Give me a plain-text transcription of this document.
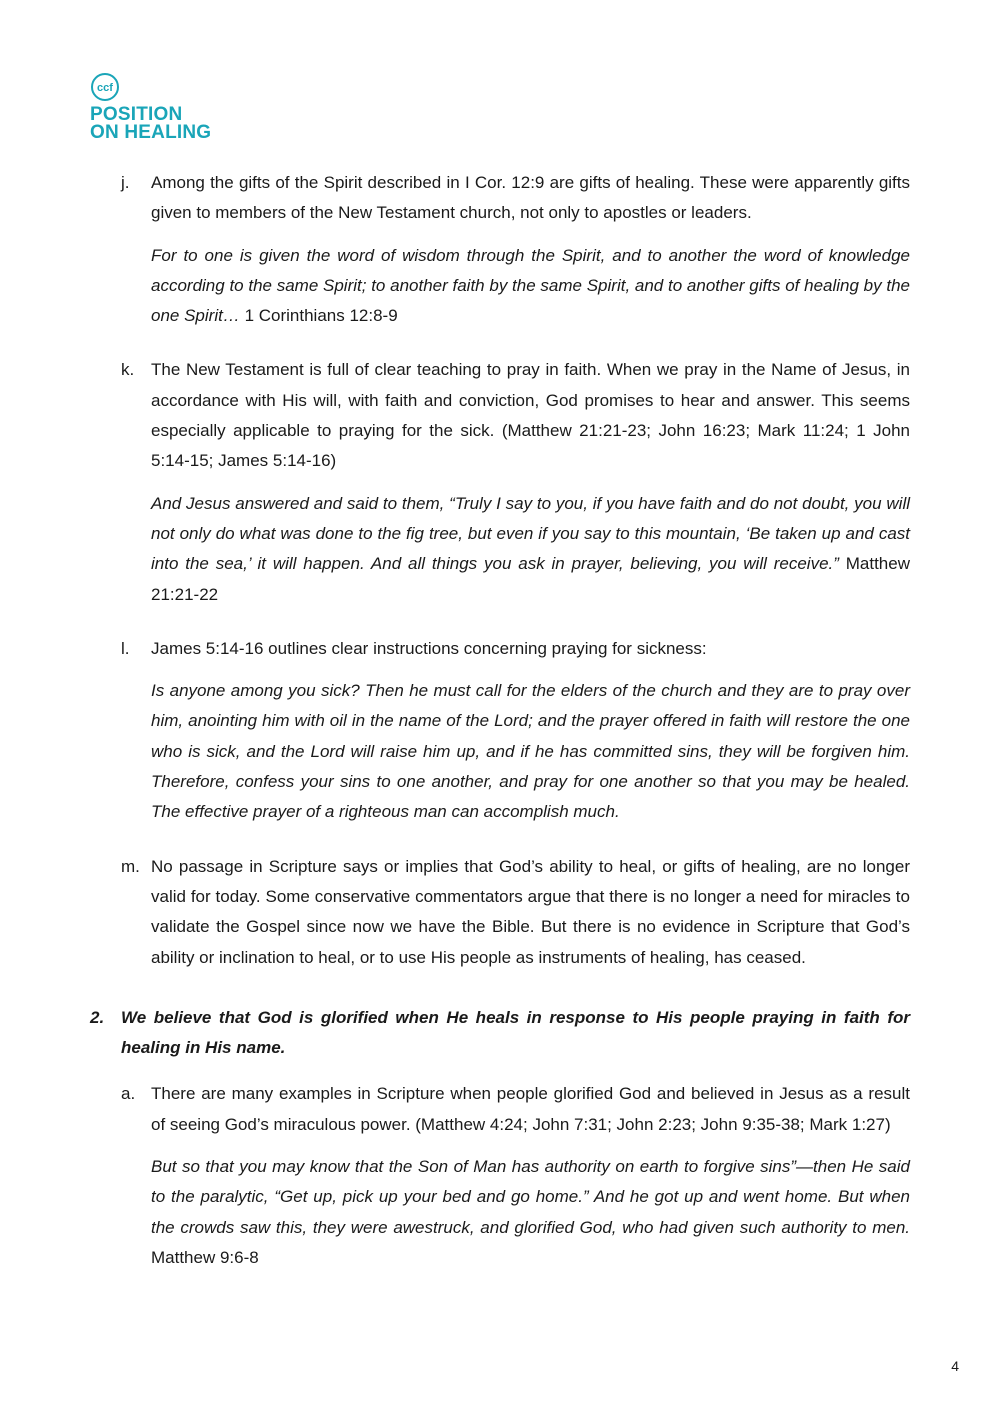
ccf
POSITION
ON HEALING
j. Among the gifts of the Spirit described in I Cor. 12:9 are gifts of healing. These were apparently gifts given to members of the New Testament church, not only to apostles or leaders.

For to one is given the word of wisdom through the Spirit, and to another the word of knowledge according to the same Spirit; to another faith by the same Spirit, and to another gifts of healing by the one Spirit… 1 Corinthians 12:8-9

k. The New Testament is full of clear teaching to pray in faith. When we pray in the Name of Jesus, in accordance with His will, with faith and conviction, God promises to hear and answer. This seems especially applicable to praying for the sick. (Matthew 21:21-23; John 16:23; Mark 11:24; 1 John 5:14-15; James 5:14-16)

And Jesus answered and said to them, “Truly I say to you, if you have faith and do not doubt, you will not only do what was done to the fig tree, but even if you say to this mountain, ‘Be taken up and cast into the sea,’ it will happen. And all things you ask in prayer, believing, you will receive.” Matthew 21:21-22

l. James 5:14-16 outlines clear instructions concerning praying for sickness:

Is anyone among you sick? Then he must call for the elders of the church and they are to pray over him, anointing him with oil in the name of the Lord; and the prayer offered in faith will restore the one who is sick, and the Lord will raise him up, and if he has committed sins, they will be forgiven him. Therefore, confess your sins to one another, and pray for one another so that you may be healed. The effective prayer of a righteous man can accomplish much.

m. No passage in Scripture says or implies that God’s ability to heal, or gifts of healing, are no longer valid for today. Some conservative commentators argue that there is no longer a need for miracles to validate the Gospel since now we have the Bible. But there is no evidence in Scripture that God’s ability or inclination to heal, or to use His people as instruments of healing, has ceased.

2. We believe that God is glorified when He heals in response to His people praying in faith for healing in His name.

a. There are many examples in Scripture when people glorified God and believed in Jesus as a result of seeing God’s miraculous power. (Matthew 4:24; John 7:31; John 2:23; John 9:35-38; Mark 1:27)

But so that you may know that the Son of Man has authority on earth to forgive sins”—then He said to the paralytic, “Get up, pick up your bed and go home.” And he got up and went home. But when the crowds saw this, they were awestruck, and glorified God, who had given such authority to men. Matthew 9:6-8

4
